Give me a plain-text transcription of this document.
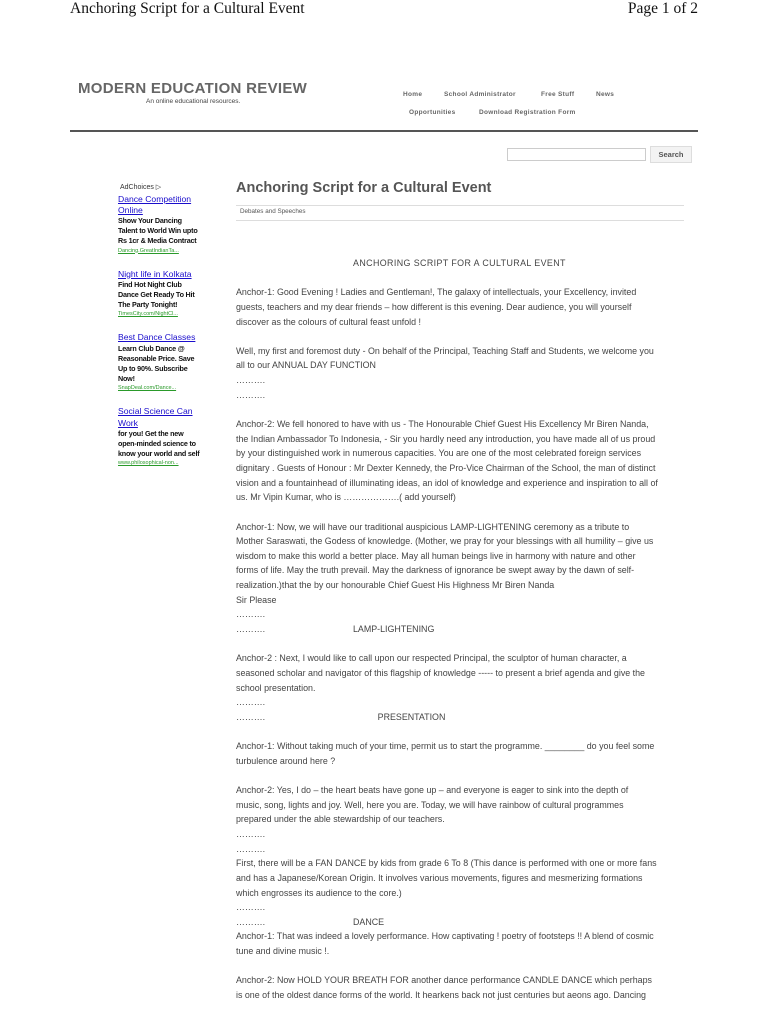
Anchoring Script for a Cultural Event	Page 1 of 2
MODERN EDUCATION REVIEW
An online educational resources.
Home	School Administrator	Free Stuff	News
Opportunities	Download Registration Form
Search
AdChoices ▷
Dance Competition Online
Show Your Dancing Talent to World Win upto Rs 1cr & Media Contract
Dancing.GreatIndianTa...
Night life in Kolkata
Find Hot Night Club Dance Get Ready To Hit The Party Tonight!
TimesCity.com/NightCl...
Best Dance Classes
Learn Club Dance @ Reasonable Price. Save Up to 90%. Subscribe Now!
SnapDeal.com/Dance...
Social Science Can Work
for you! Get the new open-minded science to know your world and self
www.philosophical-non...
Anchoring Script for a Cultural Event
Debates and Speeches
ANCHORING SCRIPT FOR A CULTURAL EVENT
Anchor-1: Good Evening ! Ladies and Gentleman!, The galaxy of intellectuals, your Excellency, invited
guests, teachers and my dear friends – how different is this evening. Dear audience, you will yourself
discover as the colours of cultural feast unfold !
Well, my first and foremost duty - On behalf of the Principal, Teaching Staff and Students, we welcome you
all to our ANNUAL DAY FUNCTION
……….
……….
Anchor-2: We fell honored to have with us - The Honourable Chief Guest His Excellency Mr Biren Nanda,
the Indian Ambassador To Indonesia, - Sir you hardly need any introduction, you have made all of us proud
by your distinguished work in numerous capacities. You are one of the most celebrated foreign services
dignitary . Guests of Honour : Mr Dexter Kennedy, the Pro-Vice Chairman of the School, the man of distinct
vision and a fountainhead of illuminating ideas, an idol of knowledge and experience and inspiration to all of
us. Mr Vipin Kumar, who is ……………….( add yourself)
Anchor-1: Now, we will have our traditional auspicious LAMP-LIGHTENING ceremony as a tribute to
Mother Saraswati, the Godess of knowledge. (Mother, we pray for your blessings with all humility – give us
wisdom to make this world a better place. May all human beings live in harmony with nature and other
forms of life. May the truth prevail. May the darkness of ignorance be swept away by the dawn of self-
realization.)that the by our honourable Chief Guest His Highness Mr Biren Nanda
Sir Please
……….
……….	LAMP-LIGHTENING
Anchor-2 : Next, I would like to call upon our respected Principal, the sculptor of human character, a
seasoned scholar and navigator of this flagship of knowledge ----- to present a brief agenda and give the
school presentation.
……….
……….	PRESENTATION
Anchor-1: Without taking much of your time, permit us to start the programme. ________ do you feel some
turbulence around here ?
Anchor-2: Yes, I do – the heart beats have gone up – and everyone is eager to sink into the depth of
music, song, lights and joy. Well, here you are. Today, we will have rainbow of cultural programmes
prepared under the able stewardship of our teachers.
……….
……….
First, there will be a FAN DANCE by kids from grade 6 To 8 (This dance is performed with one or more fans
and has a Japanese/Korean Origin. It involves various movements, figures and mesmerizing formations
which engrosses its audience to the core.)
……….
……….	DANCE
Anchor-1: That was indeed a lovely performance. How captivating ! poetry of footsteps !! A blend of cosmic
tune and divine music !.
Anchor-2: Now HOLD YOUR BREATH FOR another dance performance CANDLE DANCE which perhaps
is one of the oldest dance forms of the world. It hearkens back not just centuries but aeons ago. Dancing
